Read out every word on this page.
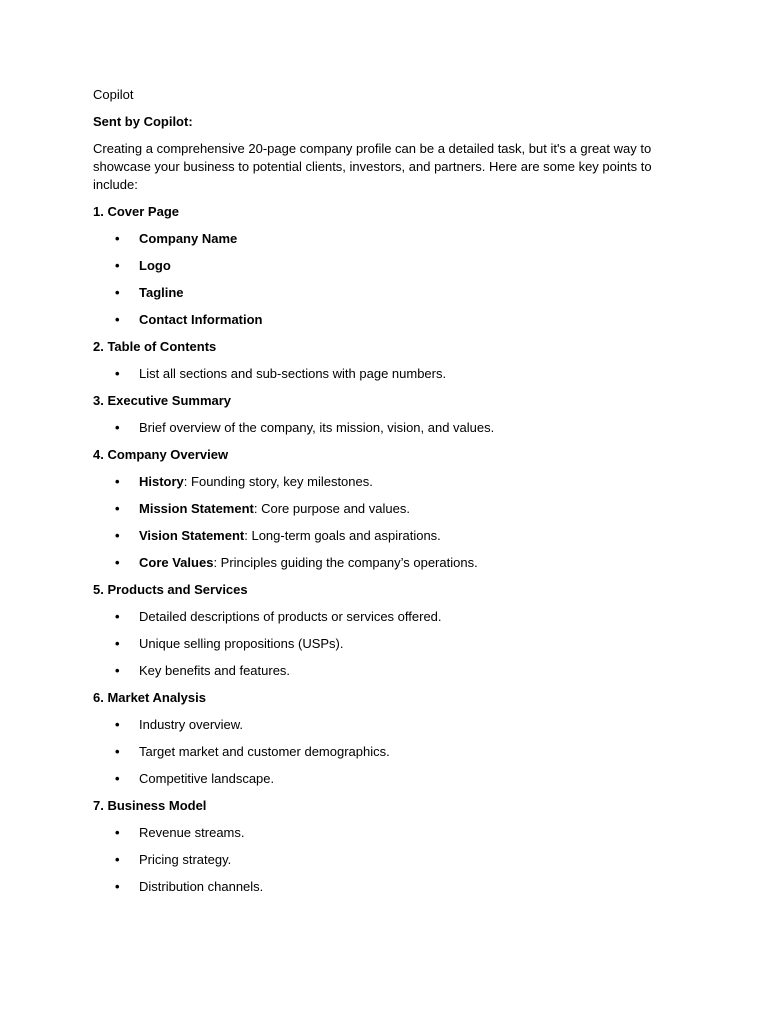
Copilot

Sent by Copilot:

Creating a comprehensive 20-page company profile can be a detailed task, but it's a great way to showcase your business to potential clients, investors, and partners. Here are some key points to include:

1. Cover Page

• Company Name
• Logo
• Tagline
• Contact Information

2. Table of Contents

• List all sections and sub-sections with page numbers.

3. Executive Summary

• Brief overview of the company, its mission, vision, and values.

4. Company Overview

• History: Founding story, key milestones.
• Mission Statement: Core purpose and values.
• Vision Statement: Long-term goals and aspirations.
• Core Values: Principles guiding the company’s operations.

5. Products and Services

• Detailed descriptions of products or services offered.
• Unique selling propositions (USPs).
• Key benefits and features.

6. Market Analysis

• Industry overview.
• Target market and customer demographics.
• Competitive landscape.

7. Business Model

• Revenue streams.
• Pricing strategy.
• Distribution channels.
